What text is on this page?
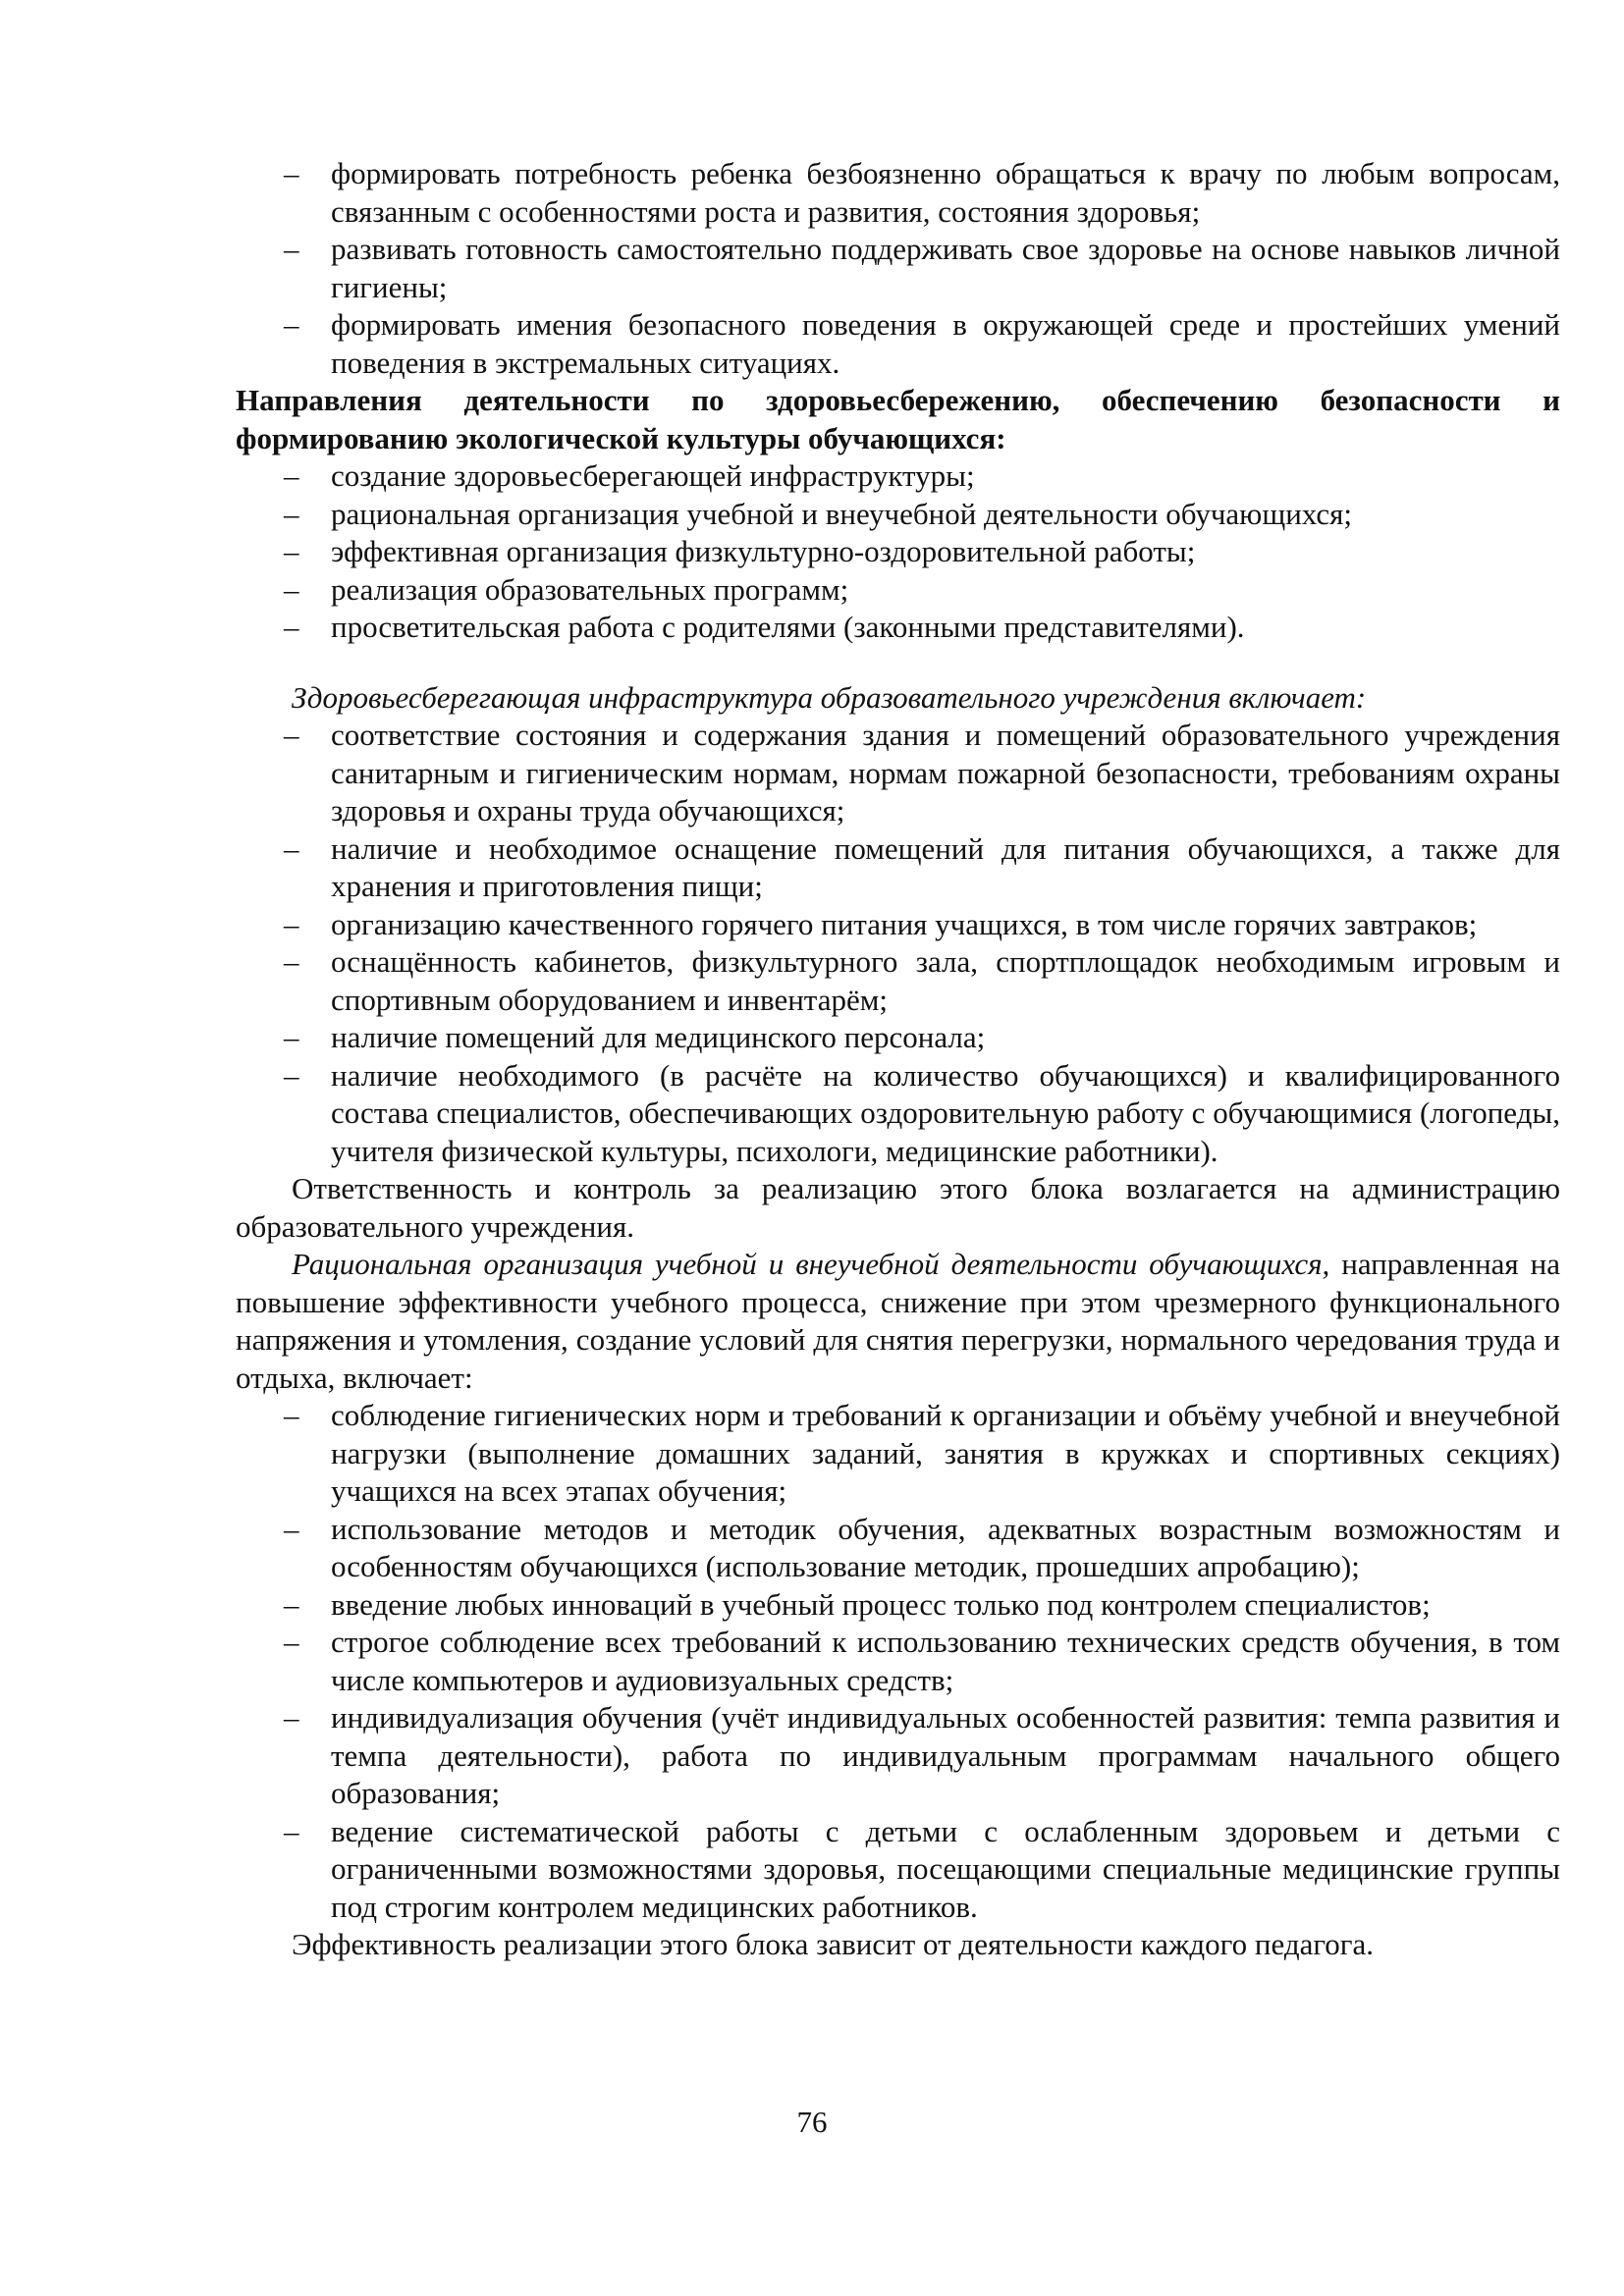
– формировать потребность ребенка безбоязненно обращаться к врачу по любым вопросам, связанным с особенностями роста и развития, состояния здоровья;
– развивать готовность самостоятельно поддерживать свое здоровье на основе навыков личной гигиены;
– формировать имения безопасного поведения в окружающей среде и простейших умений поведения в экстремальных ситуациях.

Направления деятельности по здоровьесбережению, обеспечению безопасности и формированию экологической культуры обучающихся:

– создание здоровьесберегающей инфраструктуры;
– рациональная организация учебной и внеучебной деятельности обучающихся;
– эффективная организация физкультурно-оздоровительной работы;
– реализация образовательных программ;
– просветительская работа с родителями (законными представителями).

Здоровьесберегающая инфраструктура образовательного учреждения включает:

– соответствие состояния и содержания здания и помещений образовательного учреждения санитарным и гигиеническим нормам, нормам пожарной безопасности, требованиям охраны здоровья и охраны труда обучающихся;
– наличие и необходимое оснащение помещений для питания обучающихся, а также для хранения и приготовления пищи;
– организацию качественного горячего питания учащихся, в том числе горячих завтраков;
– оснащённость кабинетов, физкультурного зала, спортплощадок необходимым игровым и спортивным оборудованием и инвентарём;
– наличие помещений для медицинского персонала;
– наличие необходимого (в расчёте на количество обучающихся) и квалифицированного состава специалистов, обеспечивающих оздоровительную работу с обучающимися (логопеды, учителя физической культуры, психологи, медицинские работники).

Ответственность и контроль за реализацию этого блока возлагается на администрацию образовательного учреждения.

Рациональная организация учебной и внеучебной деятельности обучающихся, направленная на повышение эффективности учебного процесса, снижение при этом чрезмерного функционального напряжения и утомления, создание условий для снятия перегрузки, нормального чередования труда и отдыха, включает:

– соблюдение гигиенических норм и требований к организации и объёму учебной и внеучебной нагрузки (выполнение домашних заданий, занятия в кружках и спортивных секциях) учащихся на всех этапах обучения;
– использование методов и методик обучения, адекватных возрастным возможностям и особенностям обучающихся (использование методик, прошедших апробацию);
– введение любых инноваций в учебный процесс только под контролем специалистов;
– строгое соблюдение всех требований к использованию технических средств обучения, в том числе компьютеров и аудиовизуальных средств;
– индивидуализация обучения (учёт индивидуальных особенностей развития: темпа развития и темпа деятельности), работа по индивидуальным программам начального общего образования;
– ведение систематической работы с детьми с ослабленным здоровьем и детьми с ограниченными возможностями здоровья, посещающими специальные медицинские группы под строгим контролем медицинских работников.

Эффективность реализации этого блока зависит от деятельности каждого педагога.

76
